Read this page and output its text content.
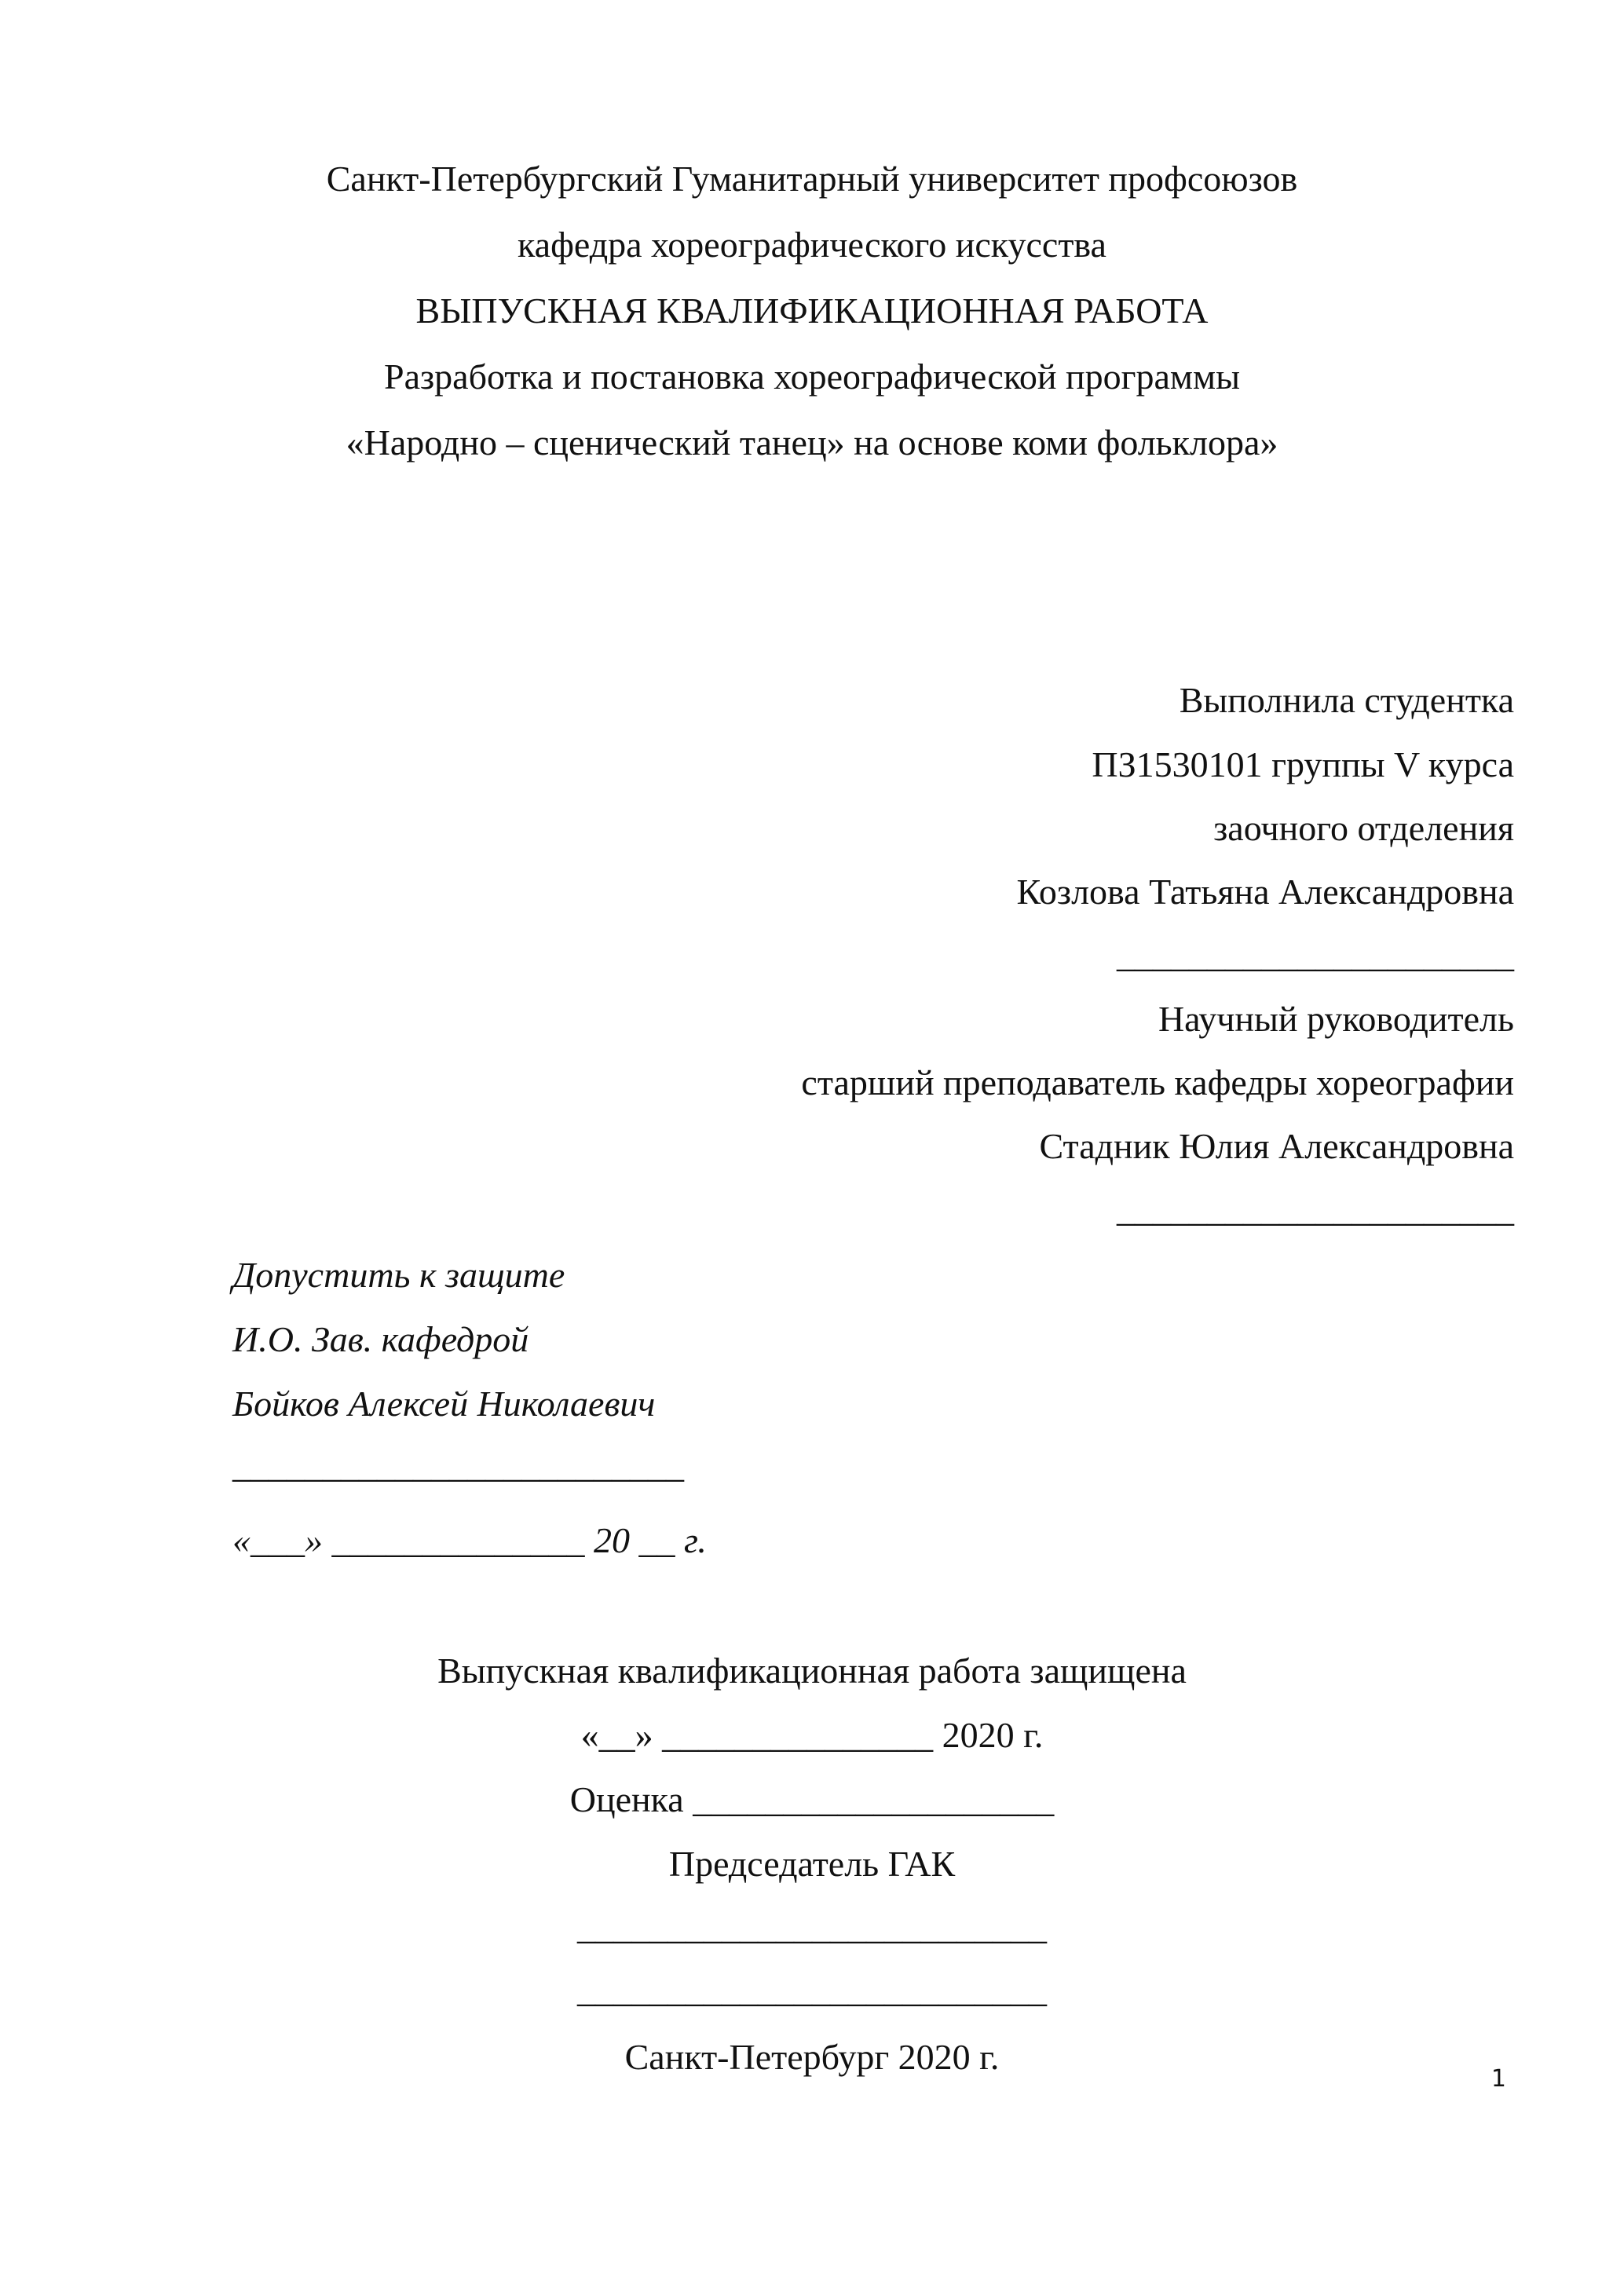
Санкт-Петербургский Гуманитарный университет профсоюзов

кафедра хореографического искусства

ВЫПУСКНАЯ КВАЛИФИКАЦИОННАЯ РАБОТА

Разработка и постановка хореографической программы

«Народно – сценический танец» на основе коми фольклора»

Выполнила студентка

ПЗ1530101 группы V курса

заочного отделения

Козлова Татьяна Александровна

______________________

Научный руководитель

старший преподаватель кафедры хореографии

Стадник Юлия Александровна

______________________

Допустить к защите

И.О. Зав. кафедрой

Бойков Алексей Николаевич

_________________________

«___» ______________ 20 __ г.

Выпускная квалификационная работа защищена

«__» _______________ 2020 г.

Оценка ____________________

Председатель ГАК

__________________________

__________________________

Санкт-Петербург 2020 г.

1
